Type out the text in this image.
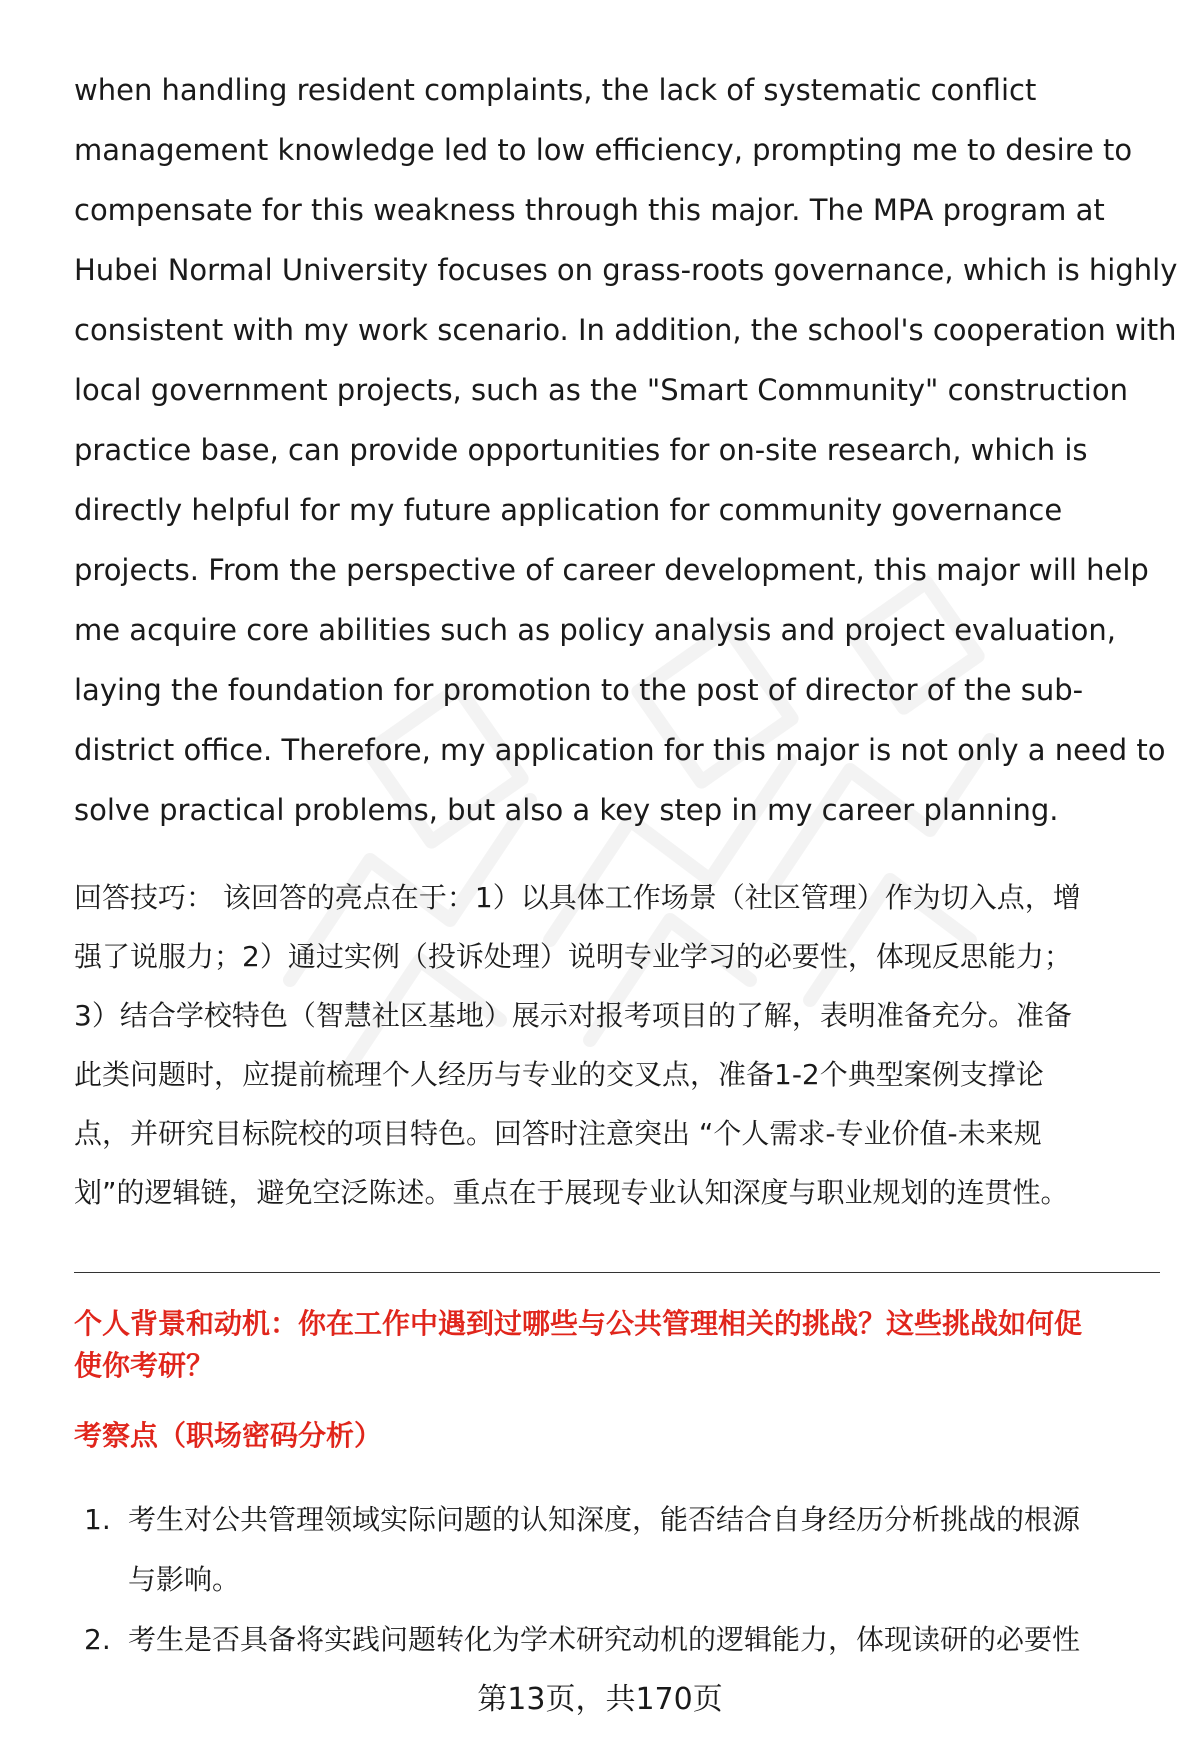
when handling resident complaints, the lack of systematic conflict

management knowledge led to low efficiency, prompting me to desire to

compensate for this weakness through this major. The MPA program at

Hubei Normal University focuses on grass-roots governance, which is highly

consistent with my work scenario. In addition, the school's cooperation with

local government projects, such as the "Smart Community" construction

practice base, can provide opportunities for on-site research, which is

directly helpful for my future application for community governance

projects. From the perspective of career development, this major will help

me acquire core abilities such as policy analysis and project evaluation,

laying the foundation for promotion to the post of director of the sub-

district office. Therefore, my application for this major is not only a need to

solve practical problems, but also a key step in my career planning.

回答技巧： 该回答的亮点在于：1）以具体工作场景（社区管理）作为切入点，增

强了说服力；2）通过实例（投诉处理）说明专业学习的必要性，体现反思能力；

3）结合学校特色（智慧社区基地）展示对报考项目的了解，表明准备充分。准备

此类问题时，应提前梳理个人经历与专业的交叉点，准备1-2个典型案例支撑论

点，并研究目标院校的项目特色。回答时注意突出 “个人需求-专业价值-未来规

划”的逻辑链，避免空泛陈述。重点在于展现专业认知深度与职业规划的连贯性。

个人背景和动机：你在工作中遇到过哪些与公共管理相关的挑战？这些挑战如何促
使你考研？
考察点（职场密码分析）
1. 考生对公共管理领域实际问题的认知深度，能否结合自身经历分析挑战的根源
与影响。
2. 考生是否具备将实践问题转化为学术研究动机的逻辑能力，体现读研的必要性
第13页，共170页
